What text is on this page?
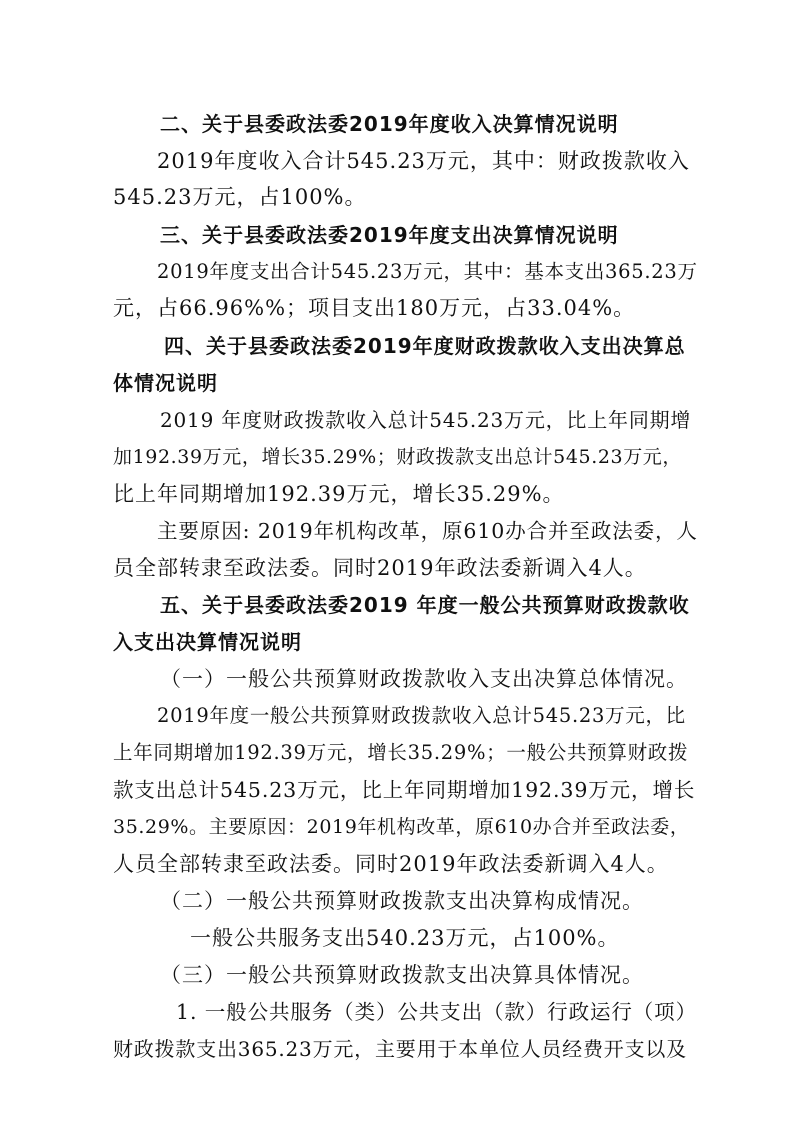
二、关于县委政法委2019年度收入决算情况说明
2019年度收入合计545.23万元，其中：财政拨款收入
545.23万元，占100%。
三、关于县委政法委2019年度支出决算情况说明
2019年度支出合计545.23万元，其中：基本支出365.23万
元，占66.96%%；项目支出180万元，占33.04%。
四、关于县委政法委2019年度财政拨款收入支出决算总
体情况说明
2019 年度财政拨款收入总计545.23万元，比上年同期增
加192.39万元，增长35.29%；财政拨款支出总计545.23万元，
比上年同期增加192.39万元，增长35.29%。
主要原因: 2019年机构改革，原610办合并至政法委，人
员全部转隶至政法委。同时2019年政法委新调入4人。
五、关于县委政法委2019 年度一般公共预算财政拨款收
入支出决算情况说明
（一）一般公共预算财政拨款收入支出决算总体情况。
2019年度一般公共预算财政拨款收入总计545.23万元，比
上年同期增加192.39万元，增长35.29%；一般公共预算财政拨
款支出总计545.23万元，比上年同期增加192.39万元，增长
35.29%。主要原因：2019年机构改革，原610办合并至政法委，
人员全部转隶至政法委。同时2019年政法委新调入4人。
（二）一般公共预算财政拨款支出决算构成情况。
一般公共服务支出540.23万元，占100%。
（三）一般公共预算财政拨款支出决算具体情况。
1. 一般公共服务（类）公共支出（款）行政运行（项）
财政拨款支出365.23万元，主要用于本单位人员经费开支以及
